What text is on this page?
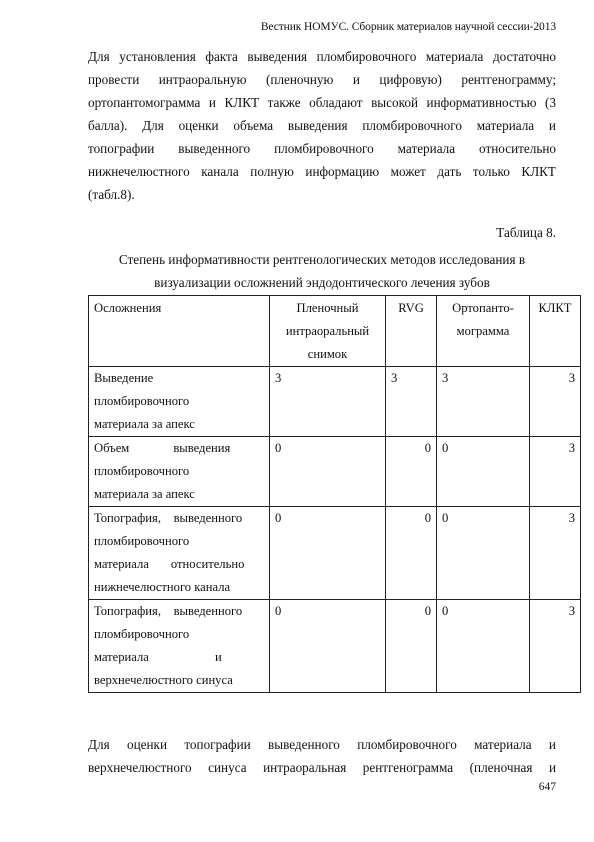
Вестник НОМУС. Сборник материалов научной сессии-2013
Для установления факта выведения пломбировочного материала достаточно
провести интраоральную (пленочную и цифровую) рентгенограмму;
ортопантомограмма и КЛКТ также обладают высокой информативностью (3
балла). Для оценки объема выведения пломбировочного материала и
топографии выведенного пломбировочного материала относительно
нижнечелюстного канала полную информацию может дать только КЛКТ
(табл.8).
Таблица 8.
Степень информативности рентгенологических методов исследования в
визуализации осложнений эндодонтического лечения зубов
Осложнения	Пленочный интраоральный снимок	RVG	Ортопанто-мограмма	КЛКТ

Выведение
пломбировочного
материала за апекс	3	3	3	3

Объем              выведения
пломбировочного
материала за апекс	0	0	0	3

Топография,    выведенного
пломбировочного
материала       относительно
нижнечелюстного канала	0	0	0	3

Топография,    выведенного
пломбировочного
материала                     и
верхнечелюстного синуса	0	0	0	3
Для оценки топографии выведенного пломбировочного материала и
верхнечелюстного синуса интраоральная рентгенограмма (пленочная и
647
